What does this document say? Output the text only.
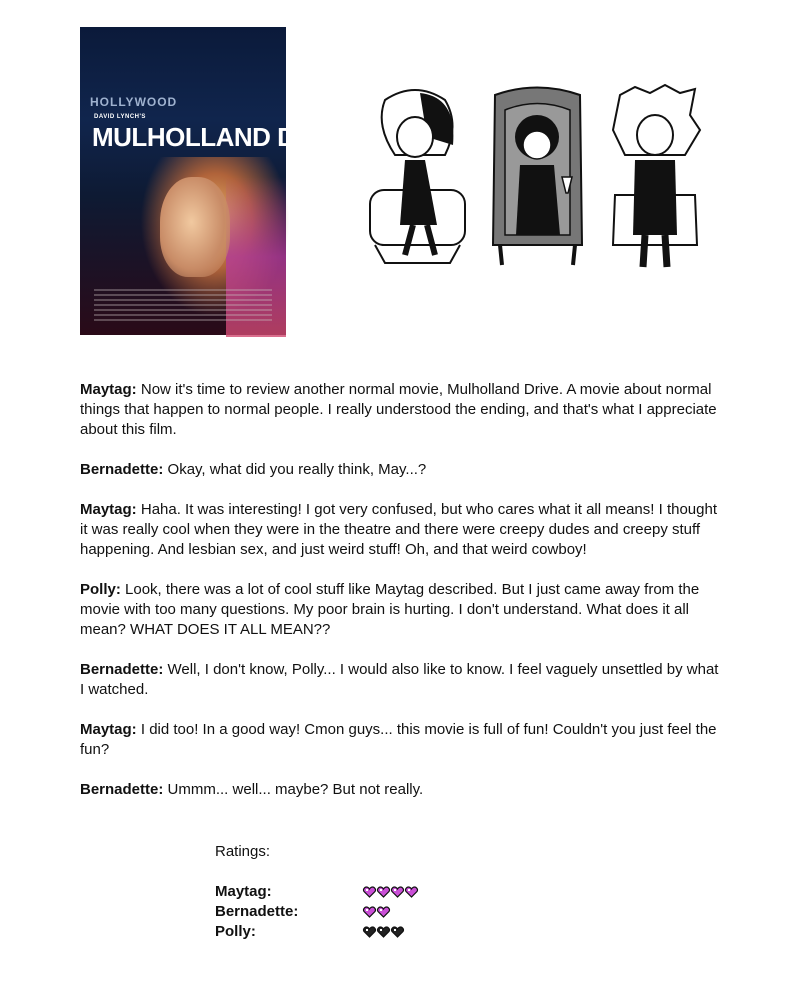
HOLLYWOOD
DAVID LYNCH'S
MULHOLLAND DR.

Maytag: Now it's time to review another normal movie, Mulholland Drive. A movie about normal things that happen to normal people. I really understood the ending, and that's what I appreciate about this film.

Bernadette: Okay, what did you really think, May...?

Maytag: Haha. It was interesting! I got very confused, but who cares what it all means! I thought it was really cool when they were in the theatre and there were creepy dudes and creepy stuff happening. And lesbian sex, and just weird stuff! Oh, and that weird cowboy!

Polly: Look, there was a lot of cool stuff like Maytag described. But I just came away from the movie with too many questions. My poor brain is hurting. I don't understand. What does it all mean? WHAT DOES IT ALL MEAN??

Bernadette: Well, I don't know, Polly... I would also like to know. I feel vaguely unsettled by what I watched.

Maytag: I did too! In a good way! Cmon guys... this movie is full of fun! Couldn't you just feel the fun?

Bernadette: Ummm... well... maybe? But not really.

Ratings:
Maytag:
Bernadette:
Polly:
